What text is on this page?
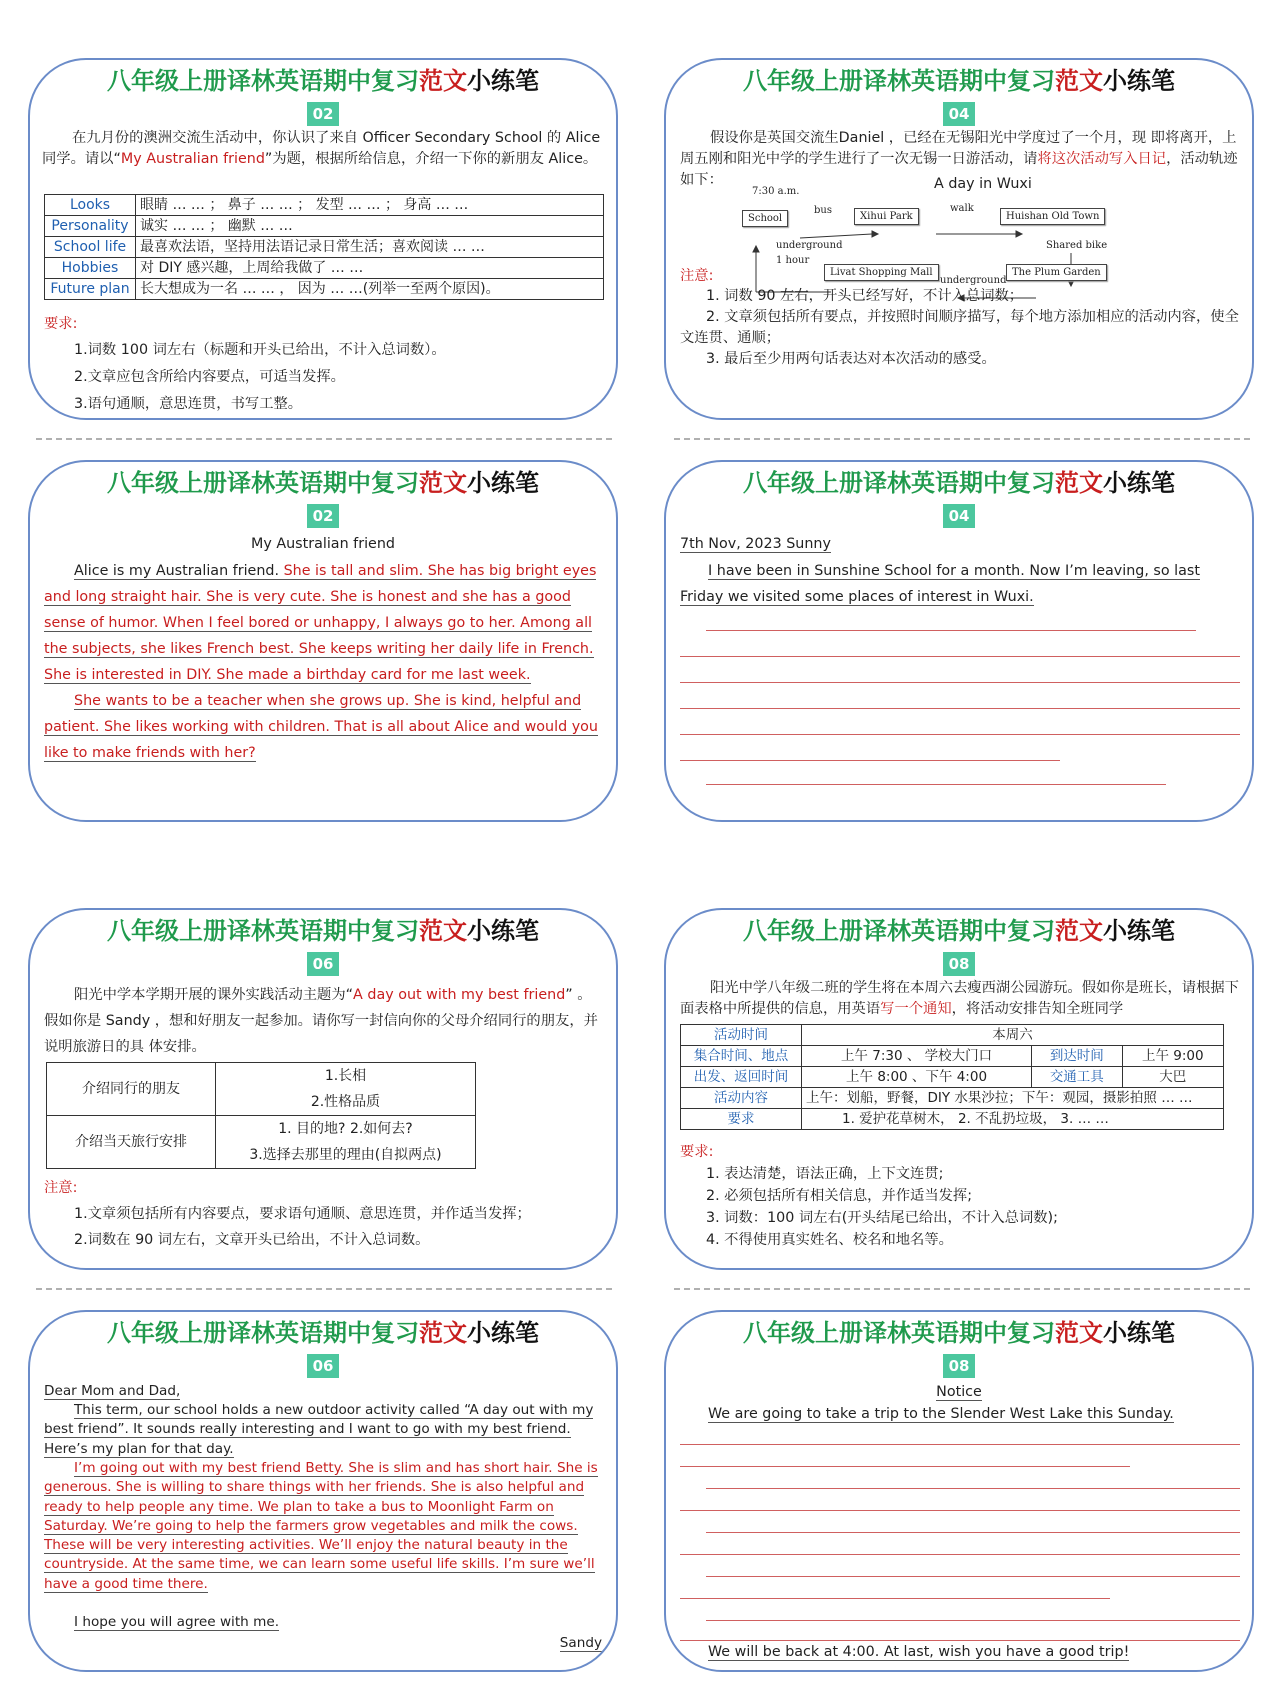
八年级上册译林英语期中复习范文小练笔
02
在九月份的澳洲交流生活动中，你认识了来自 Officer Secondary School 的 Alice 同学。请以“My Australian friend”为题，根据所给信息，介绍一下你的新朋友 Alice。
Looks	眼睛 … … ； 鼻子 … … ； 发型 … … ； 身高 … …
Personality	诚实 … … ； 幽默 … …
School life	最喜欢法语，坚持用法语记录日常生活；喜欢阅读 … …
Hobbies	对 DIY 感兴趣，上周给我做了 … …
Future plan	长大想成为一名 … … ， 因为 … …(列举一至两个原因)。
要求:
1.词数 100 词左右（标题和开头已给出，不计入总词数）。
2.文章应包含所给内容要点，可适当发挥。
3.语句通顺，意思连贯，书写工整。
八年级上册译林英语期中复习范文小练笔
04
假设你是英国交流生Daniel ，已经在无锡阳光中学度过了一个月，现 即将离开，上周五刚和阳光中学的学生进行了一次无锡一日游活动，请将这次活动写入日记，活动轨迹如下：	A day in Wuxi
7:30 a.m.
School
bus
Xihui Park
walk
Huishan Old Town
Shared bike
The Plum Garden
underground
1 hour
Livat Shopping Mall
underground
注意:
1. 词数 90 左右，开头已经写好，不计入总词数；
2. 文章须包括所有要点，并按照时间顺序描写，每个地方添加相应的活动内容，使全文连贯、通顺；
3. 最后至少用两句话表达对本次活动的感受。
八年级上册译林英语期中复习范文小练笔
02
My Australian friend
Alice is my Australian friend. She is tall and slim. She has big bright eyes and long straight hair. She is very cute. She is honest and she has a good sense of humor. When I feel bored or unhappy, I always go to her. Among all the subjects, she likes French best. She keeps writing her daily life in French. She is interested in DIY. She made a birthday card for me last week.
She wants to be a teacher when she grows up. She is kind, helpful and patient. She likes working with children. That is all about Alice and would you like to make friends with her?
八年级上册译林英语期中复习范文小练笔
04
7th Nov, 2023 Sunny
I have been in Sunshine School for a month. Now I’m leaving, so last Friday we visited some places of interest in Wuxi.
八年级上册译林英语期中复习范文小练笔
06
阳光中学本学期开展的课外实践活动主题为“A day out with my best friend” 。 假如你是 Sandy ，想和好朋友一起参加。请你写一封信向你的父母介绍同行的朋友，并说明旅游日的具 体安排。
介绍同行的朋友	1.长相
	2.性格品质
介绍当天旅行安排	1. 目的地? 2.如何去?
	3.选择去那里的理由(自拟两点)
注意:
1.文章须包括所有内容要点，要求语句通顺、意思连贯，并作适当发挥；
2.词数在 90 词左右，文章开头已给出，不计入总词数。
八年级上册译林英语期中复习范文小练笔
08
阳光中学八年级二班的学生将在本周六去瘦西湖公园游玩。假如你是班长，请根据下面表格中所提供的信息，用英语写一个通知，将活动安排告知全班同学
活动时间	本周六		
集合时间、地点	上午 7:30 、 学校大门口	到达时间	上午 9:00
出发、返回时间	上午 8:00 、下午 4:00	交通工具	大巴
活动内容	上午：划船，野餐，DIY 水果沙拉；下午：观园，摄影拍照 … …		
要求	1. 爱护花草树木， 2. 不乱扔垃圾， 3. … …		
要求:
1. 表达清楚，语法正确，上下文连贯;
2. 必须包括所有相关信息，并作适当发挥;
3. 词数：100 词左右(开头结尾已给出，不计入总词数);
4. 不得使用真实姓名、校名和地名等。
八年级上册译林英语期中复习范文小练笔
06
Dear Mom and Dad,
This term, our school holds a new outdoor activity called “A day out with my best friend”. It sounds really interesting and I want to go with my best friend. Here’s my plan for that day.
I’m going out with my best friend Betty. She is slim and has short hair. She is generous. She is willing to share things with her friends. She is also helpful and ready to help people any time. We plan to take a bus to Moonlight Farm on Saturday. We’re going to help the farmers grow vegetables and milk the cows. These will be very interesting activities. We’ll enjoy the natural beauty in the countryside. At the same time, we can learn some useful life skills. I’m sure we’ll have a good time there.
I hope you will agree with me.
Sandy
八年级上册译林英语期中复习范文小练笔
08
Notice
We are going to take a trip to the Slender West Lake this Sunday.
We will be back at 4:00. At last, wish you have a good trip!
